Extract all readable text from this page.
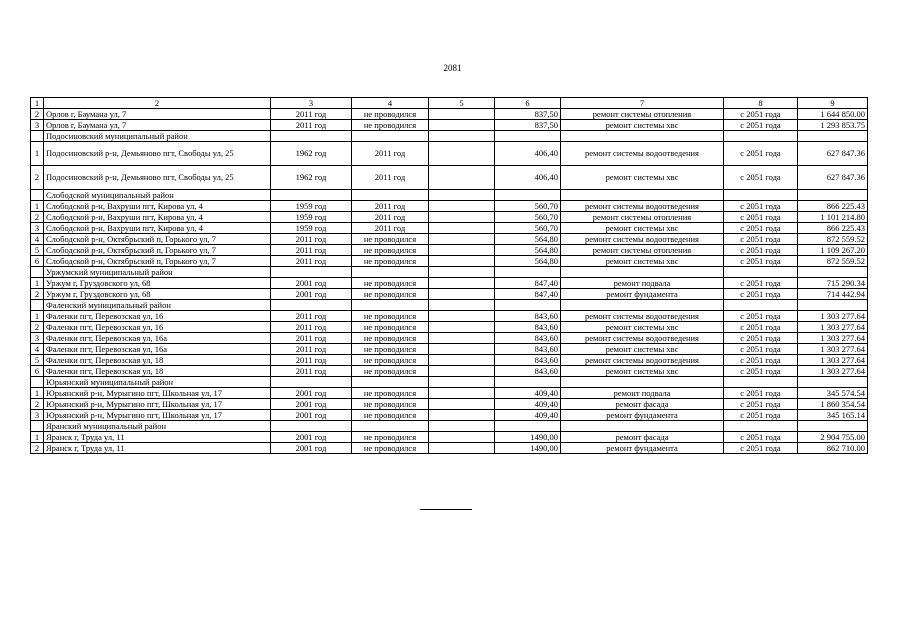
2081
1	2	3	4	5	6	7	8	9
2	Орлов г, Баумана ул, 7	2011 год	не проводился		837,50	ремонт системы отопления	с 2051 года	1 644 850.00
3	Орлов г, Баумана ул, 7	2011 год	не проводился		837,50	ремонт системы хвс	с 2051 года	1 293 853.75
	Подосиновский муниципальный район							
1	Подосиновский р-н, Демьяново пгт, Свободы ул, 25	1962 год	2011 год		406,40	ремонт системы водоотведения	с 2051 года	627 847.36
2	Подосиновский р-н, Демьяново пгт, Свободы ул, 25	1962 год	2011 год		406,40	ремонт системы хвс	с 2051 года	627 847.36
	Слободской муниципальный район							
1	Слободской р-н, Вахруши пгт, Кирова ул, 4	1959 год	2011 год		560,70	ремонт системы водоотведения	с 2051 года	866 225.43
2	Слободской р-н, Вахруши пгт, Кирова ул, 4	1959 год	2011 год		560,70	ремонт системы отопления	с 2051 года	1 101 214.80
3	Слободской р-н, Вахруши пгт, Кирова ул, 4	1959 год	2011 год		560,70	ремонт системы хвс	с 2051 года	866 225.43
4	Слободской р-н, Октябрьский п, Горького ул, 7	2011 год	не проводился		564,80	ремонт системы водоотведения	с 2051 года	872 559.52
5	Слободской р-н, Октябрьский п, Горького ул, 7	2011 год	не проводился		564,80	ремонт системы отопления	с 2051 года	1 109 267.20
6	Слободской р-н, Октябрьский п, Горького ул, 7	2011 год	не проводился		564,80	ремонт системы хвс	с 2051 года	872 559.52
	Уржумский муниципальный район							
1	Уржум г, Груздовского ул, 68	2001 год	не проводился		847,40	ремонт подвала	с 2051 года	715 290.34
2	Уржум г, Груздовского ул, 68	2001 год	не проводился		847,40	ремонт фундамента	с 2051 года	714 442.94
	Фаленский муниципальный район							
1	Фаленки пгт, Перевозская ул, 16	2011 год	не проводился		843,60	ремонт системы водоотведения	с 2051 года	1 303 277.64
2	Фаленки пгт, Перевозская ул, 16	2011 год	не проводился		843,60	ремонт системы хвс	с 2051 года	1 303 277.64
3	Фаленки пгт, Перевозская ул, 16а	2011 год	не проводился		843,60	ремонт системы водоотведения	с 2051 года	1 303 277.64
4	Фаленки пгт, Перевозская ул, 16а	2011 год	не проводился		843,60	ремонт системы хвс	с 2051 года	1 303 277.64
5	Фаленки пгт, Перевозская ул, 18	2011 год	не проводился		843,60	ремонт системы водоотведения	с 2051 года	1 303 277.64
6	Фаленки пгт, Перевозская ул, 18	2011 год	не проводился		843,60	ремонт системы хвс	с 2051 года	1 303 277.64
	Юрьянский муниципальный район							
1	Юрьянский р-н, Мурыгино пгт, Школьная ул, 17	2001 год	не проводился		409,40	ремонт подвала	с 2051 года	345 574.54
2	Юрьянский р-н, Мурыгино пгт, Школьная ул, 17	2001 год	не проводился		409,40	ремонт фасада	с 2051 года	1 860 354.54
3	Юрьянский р-н, Мурыгино пгт, Школьная ул, 17	2001 год	не проводился		409,40	ремонт фундамента	с 2051 года	345 165.14
	Яранский муниципальный район							
1	Яранск г, Труда ул, 11	2001 год	не проводился		1490,00	ремонт фасада	с 2051 года	2 904 755.00
2	Яранск г, Труда ул, 11	2001 год	не проводился		1490,00	ремонт фундамента	с 2051 года	862 710.00
